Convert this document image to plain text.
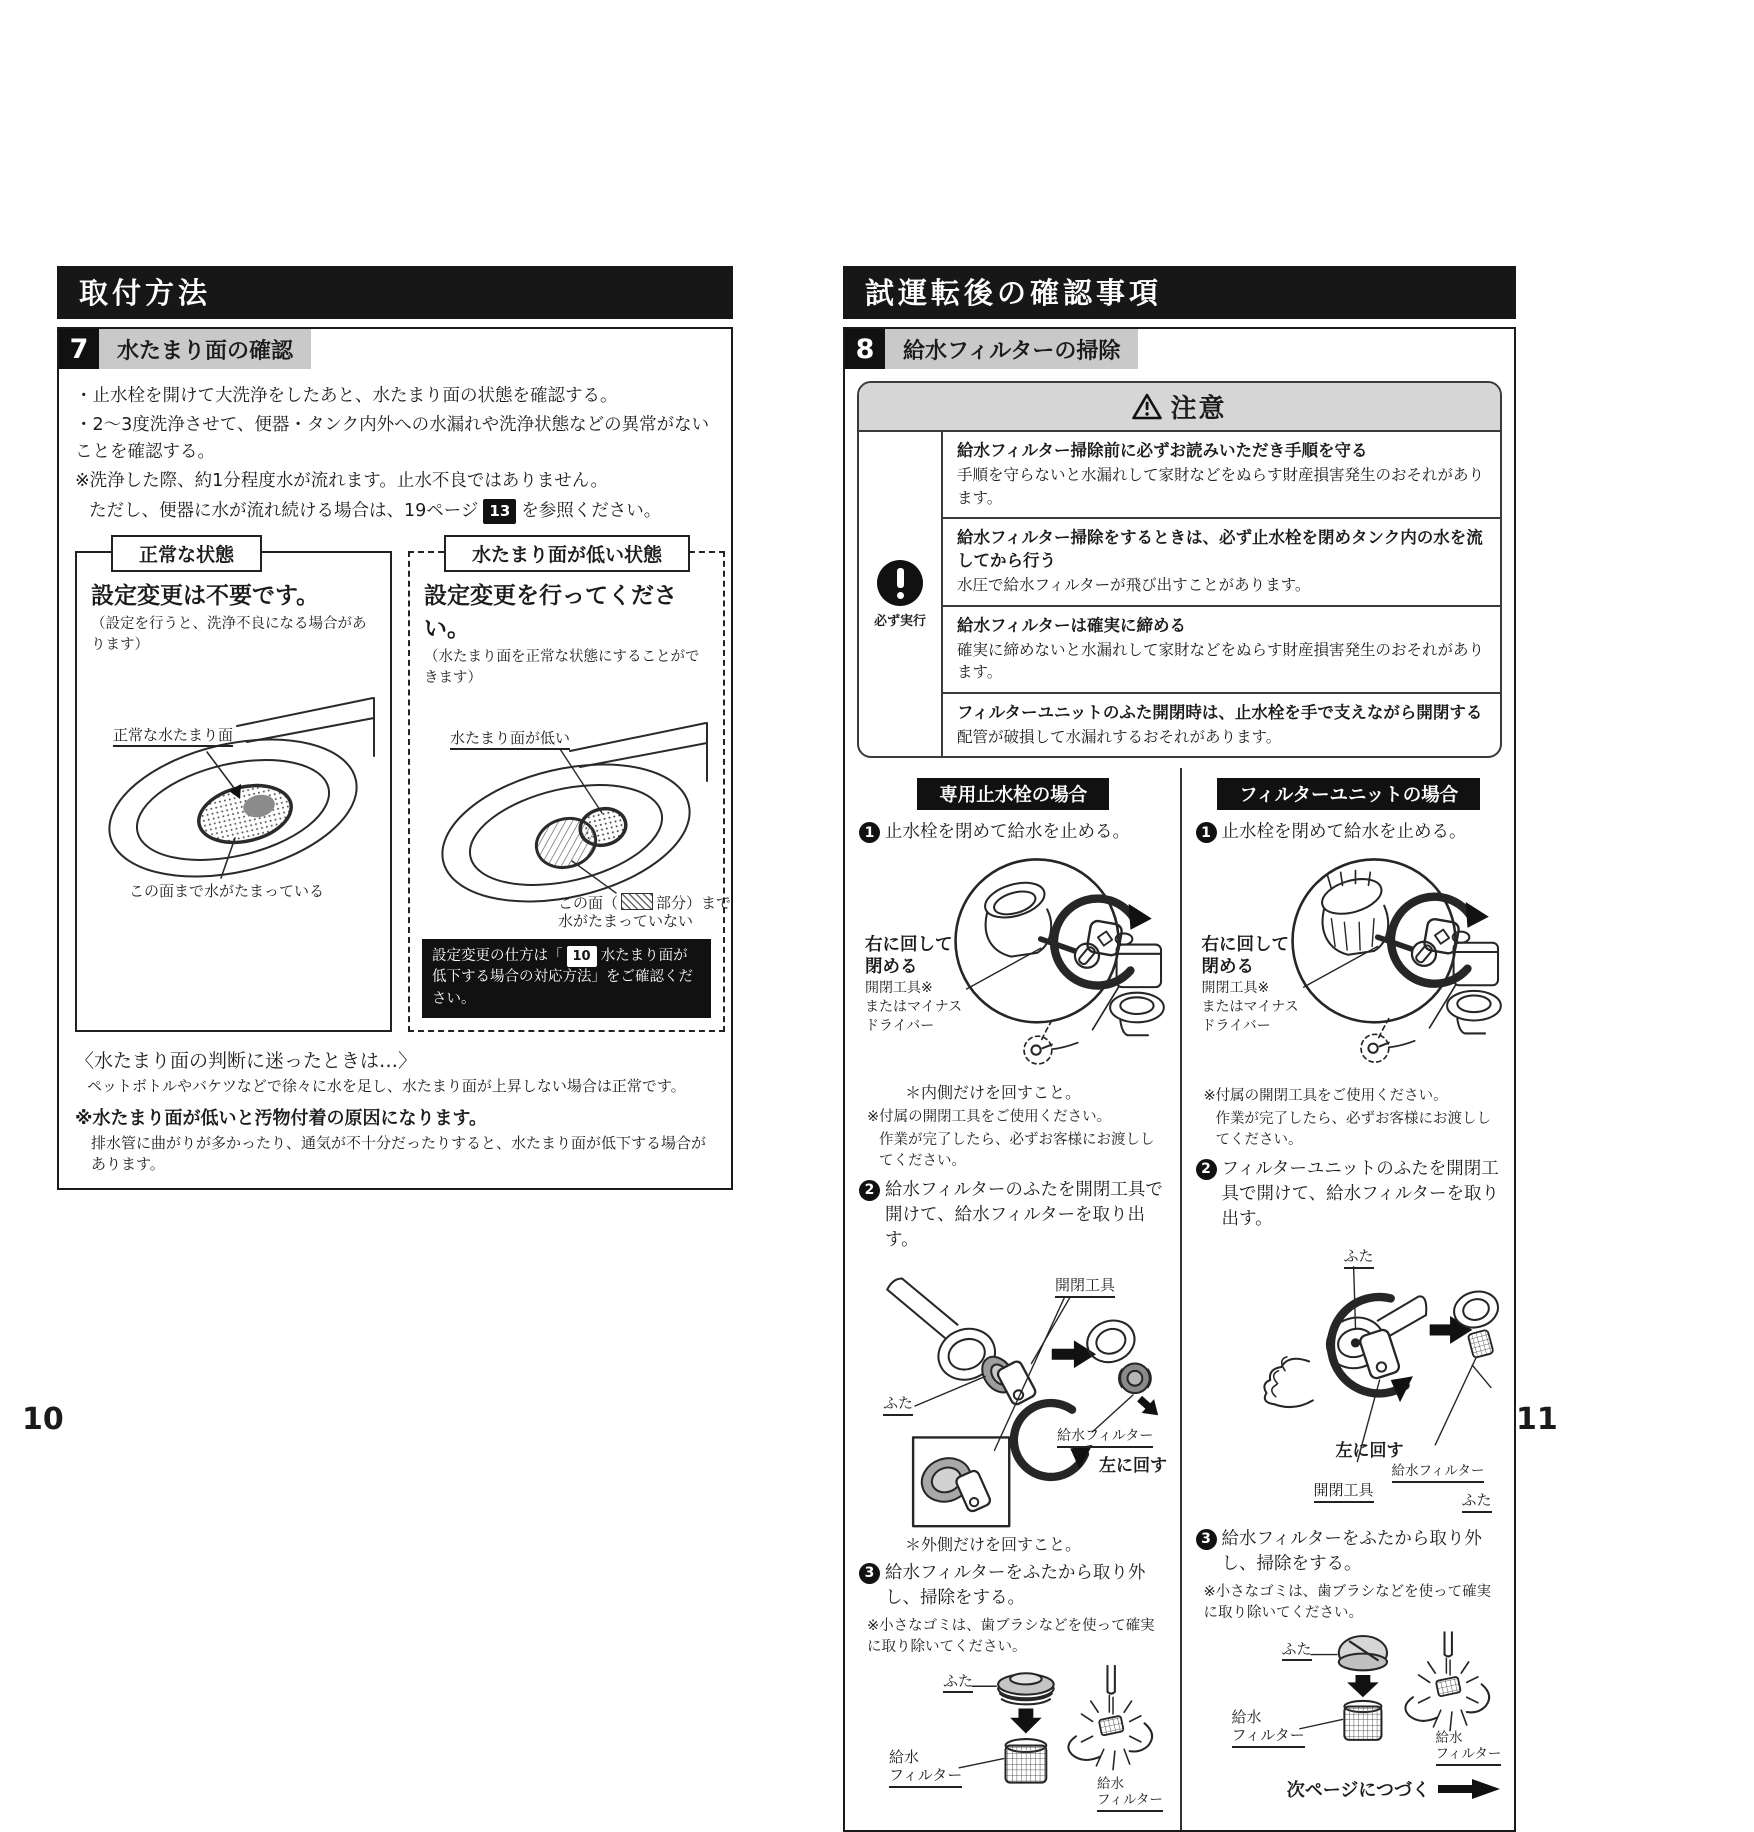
取付方法
7	水たまり面の確認
・止水栓を開けて大洗浄をしたあと、水たまり面の状態を確認する。
・2～3度洗浄させて、便器・タンク内外への水漏れや洗浄状態などの異常がないことを確認する。
※洗浄した際、約1分程度水が流れます。止水不良ではありません。
ただし、便器に水が流れ続ける場合は、19ページ 13 を参照ください。
正常な状態
設定変更は不要です。
（設定を行うと、洗浄不良になる場合があります）
正常な水たまり面
この面まで水がたまっている
水たまり面が低い状態
設定変更を行ってください。
（水たまり面を正常な状態にすることができます）
水たまり面が低い
この面（	部分）まで
水がたまっていない
設定変更の仕方は「 10 水たまり面が低下する場合の対応方法」をご確認ください。
〈水たまり面の判断に迷ったときは…〉
ペットボトルやバケツなどで徐々に水を足し、水たまり面が上昇しない場合は正常です。
※水たまり面が低いと汚物付着の原因になります。
排水管に曲がりが多かったり、通気が不十分だったりすると、水たまり面が低下する場合があります。
試運転後の確認事項
8	給水フィルターの掃除
注意
必ず実行
給水フィルター掃除前に必ずお読みいただき手順を守る
手順を守らないと水漏れして家財などをぬらす財産損害発生のおそれがあります。
給水フィルター掃除をするときは、必ず止水栓を閉めタンク内の水を流してから行う
水圧で給水フィルターが飛び出すことがあります。
給水フィルターは確実に締める
確実に締めないと水漏れして家財などをぬらす財産損害発生のおそれがあります。
フィルターユニットのふた開閉時は、止水栓を手で支えながら開閉する
配管が破損して水漏れするおそれがあります。
専用止水栓の場合
1 止水栓を閉めて給水を止める。
右に回して
閉める
開閉工具※
またはマイナス
ドライバー
＊内側だけを回すこと。
※付属の開閉工具をご使用ください。
作業が完了したら、必ずお客様にお渡ししてください。
2 給水フィルターのふたを開閉工具で開けて、給水フィルターを取り出す。
開閉工具
ふた
左に回す
給水フィルター
＊外側だけを回すこと。
3 給水フィルターをふたから取り外し、掃除をする。
※小さなゴミは、歯ブラシなどを使って確実に取り除いてください。
ふた
給水
フィルター	給水
フィルター
フィルターユニットの場合
1 止水栓を閉めて給水を止める。
右に回して
閉める
開閉工具※
またはマイナス
ドライバー
※付属の開閉工具をご使用ください。
作業が完了したら、必ずお客様にお渡ししてください。
2 フィルターユニットのふたを開閉工具で開けて、給水フィルターを取り出す。
ふた
左に回す
開閉工具
給水フィルター
ふた
3 給水フィルターをふたから取り外し、掃除をする。
※小さなゴミは、歯ブラシなどを使って確実に取り除いてください。
ふた
給水
フィルター	給水
フィルター
次ページにつづく
10	11
